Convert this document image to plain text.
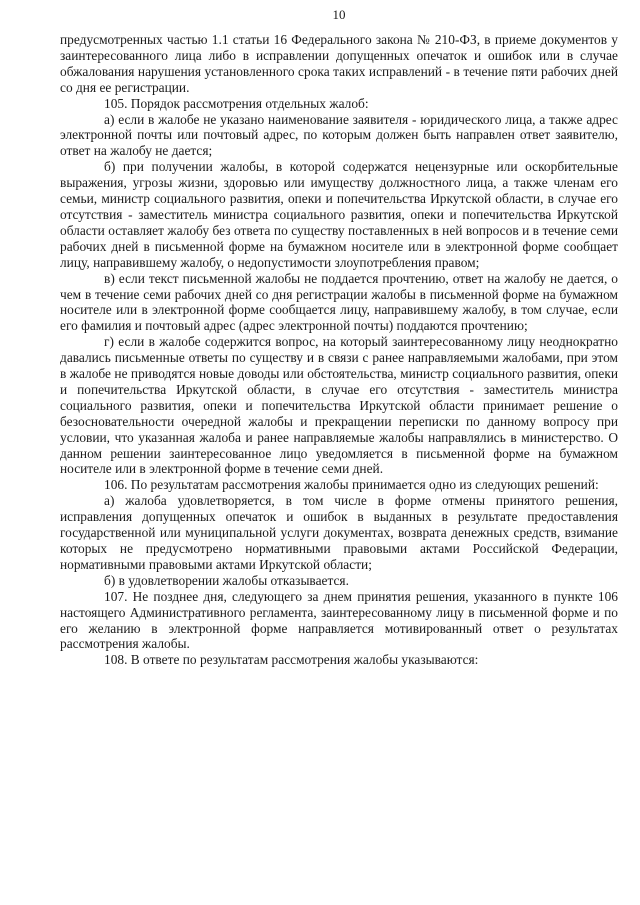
10

предусмотренных частью 1.1 статьи 16 Федерального закона № 210-ФЗ, в приеме документов у заинтересованного лица либо в исправлении допущенных опечаток и ошибок или в случае обжалования нарушения установленного срока таких исправлений - в течение пяти рабочих дней со дня ее регистрации.

105. Порядок рассмотрения отдельных жалоб:

а) если в жалобе не указано наименование заявителя - юридического лица, а также адрес электронной почты или почтовый адрес, по которым должен быть направлен ответ заявителю, ответ на жалобу не дается;

б) при получении жалобы, в которой содержатся нецензурные или оскорбительные выражения, угрозы жизни, здоровью или имуществу должностного лица, а также членам его семьи, министр социального развития, опеки и попечительства Иркутской области, в случае его отсутствия - заместитель министра социального развития, опеки и попечительства Иркутской области оставляет жалобу без ответа по существу поставленных в ней вопросов и в течение семи рабочих дней в письменной форме на бумажном носителе или в электронной форме сообщает лицу, направившему жалобу, о недопустимости злоупотребления правом;

в) если текст письменной жалобы не поддается прочтению, ответ на жалобу не дается, о чем в течение семи рабочих дней со дня регистрации жалобы в письменной форме на бумажном носителе или в электронной форме сообщается лицу, направившему жалобу, в том случае, если его фамилия и почтовый адрес (адрес электронной почты) поддаются прочтению;

г) если в жалобе содержится вопрос, на который заинтересованному лицу неоднократно давались письменные ответы по существу и в связи с ранее направляемыми жалобами, при этом в жалобе не приводятся новые доводы или обстоятельства, министр социального развития, опеки и попечительства Иркутской области, в случае его отсутствия - заместитель министра социального развития, опеки и попечительства Иркутской области принимает решение о безосновательности очередной жалобы и прекращении переписки по данному вопросу при условии, что указанная жалоба и ранее направляемые жалобы направлялись в министерство. О данном решении заинтересованное лицо уведомляется в письменной форме на бумажном носителе или в электронной форме в течение семи дней.

106. По результатам рассмотрения жалобы принимается одно из следующих решений:

а) жалоба удовлетворяется, в том числе в форме отмены принятого решения, исправления допущенных опечаток и ошибок в выданных в результате предоставления государственной или муниципальной услуги документах, возврата денежных средств, взимание которых не предусмотрено нормативными правовыми актами Российской Федерации, нормативными правовыми актами Иркутской области;

б) в удовлетворении жалобы отказывается.

107. Не позднее дня, следующего за днем принятия решения, указанного в пункте 106 настоящего Административного регламента, заинтересованному лицу в письменной форме и по его желанию в электронной форме направляется мотивированный ответ о результатах рассмотрения жалобы.

108. В ответе по результатам рассмотрения жалобы указываются:
